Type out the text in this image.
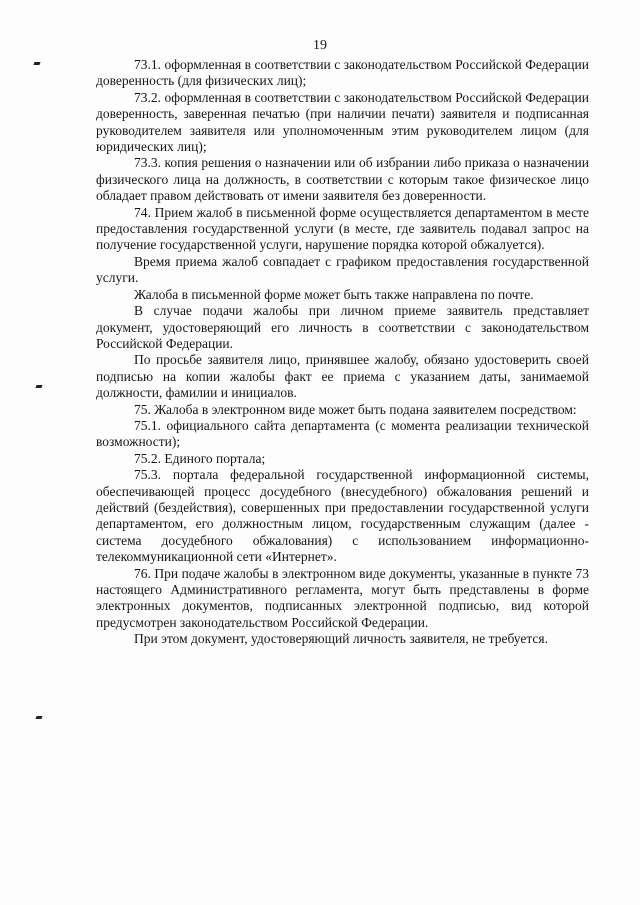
19

73.1. оформленная в соответствии с законодательством Российской Федерации доверенность (для физических лиц);

73.2. оформленная в соответствии с законодательством Российской Федерации доверенность, заверенная печатью (при наличии печати) заявителя и подписанная руководителем заявителя или уполномоченным этим руководителем лицом (для юридических лиц);

73.3. копия решения о назначении или об избрании либо приказа о назначении физического лица на должность, в соответствии с которым такое физическое лицо обладает правом действовать от имени заявителя без доверенности.

74. Прием жалоб в письменной форме осуществляется департаментом в месте предоставления государственной услуги (в месте, где заявитель подавал запрос на получение государственной услуги, нарушение порядка которой обжалуется).

Время приема жалоб совпадает с графиком предоставления государственной услуги.

Жалоба в письменной форме может быть также направлена по почте.

В случае подачи жалобы при личном приеме заявитель представляет документ, удостоверяющий его личность в соответствии с законодательством Российской Федерации.

По просьбе заявителя лицо, принявшее жалобу, обязано удостоверить своей подписью на копии жалобы факт ее приема с указанием даты, занимаемой должности, фамилии и инициалов.

75. Жалоба в электронном виде может быть подана заявителем посредством:

75.1. официального сайта департамента (с момента реализации технической возможности);

75.2. Единого портала;

75.3. портала федеральной государственной информационной системы, обеспечивающей процесс досудебного (внесудебного) обжалования решений и действий (бездействия), совершенных при предоставлении государственной услуги департаментом, его должностным лицом, государственным служащим (далее - система досудебного обжалования) с использованием информационно-телекоммуникационной сети «Интернет».

76. При подаче жалобы в электронном виде документы, указанные в пункте 73 настоящего Административного регламента, могут быть представлены в форме электронных документов, подписанных электронной подписью, вид которой предусмотрен законодательством Российской Федерации.

При этом документ, удостоверяющий личность заявителя, не требуется.
